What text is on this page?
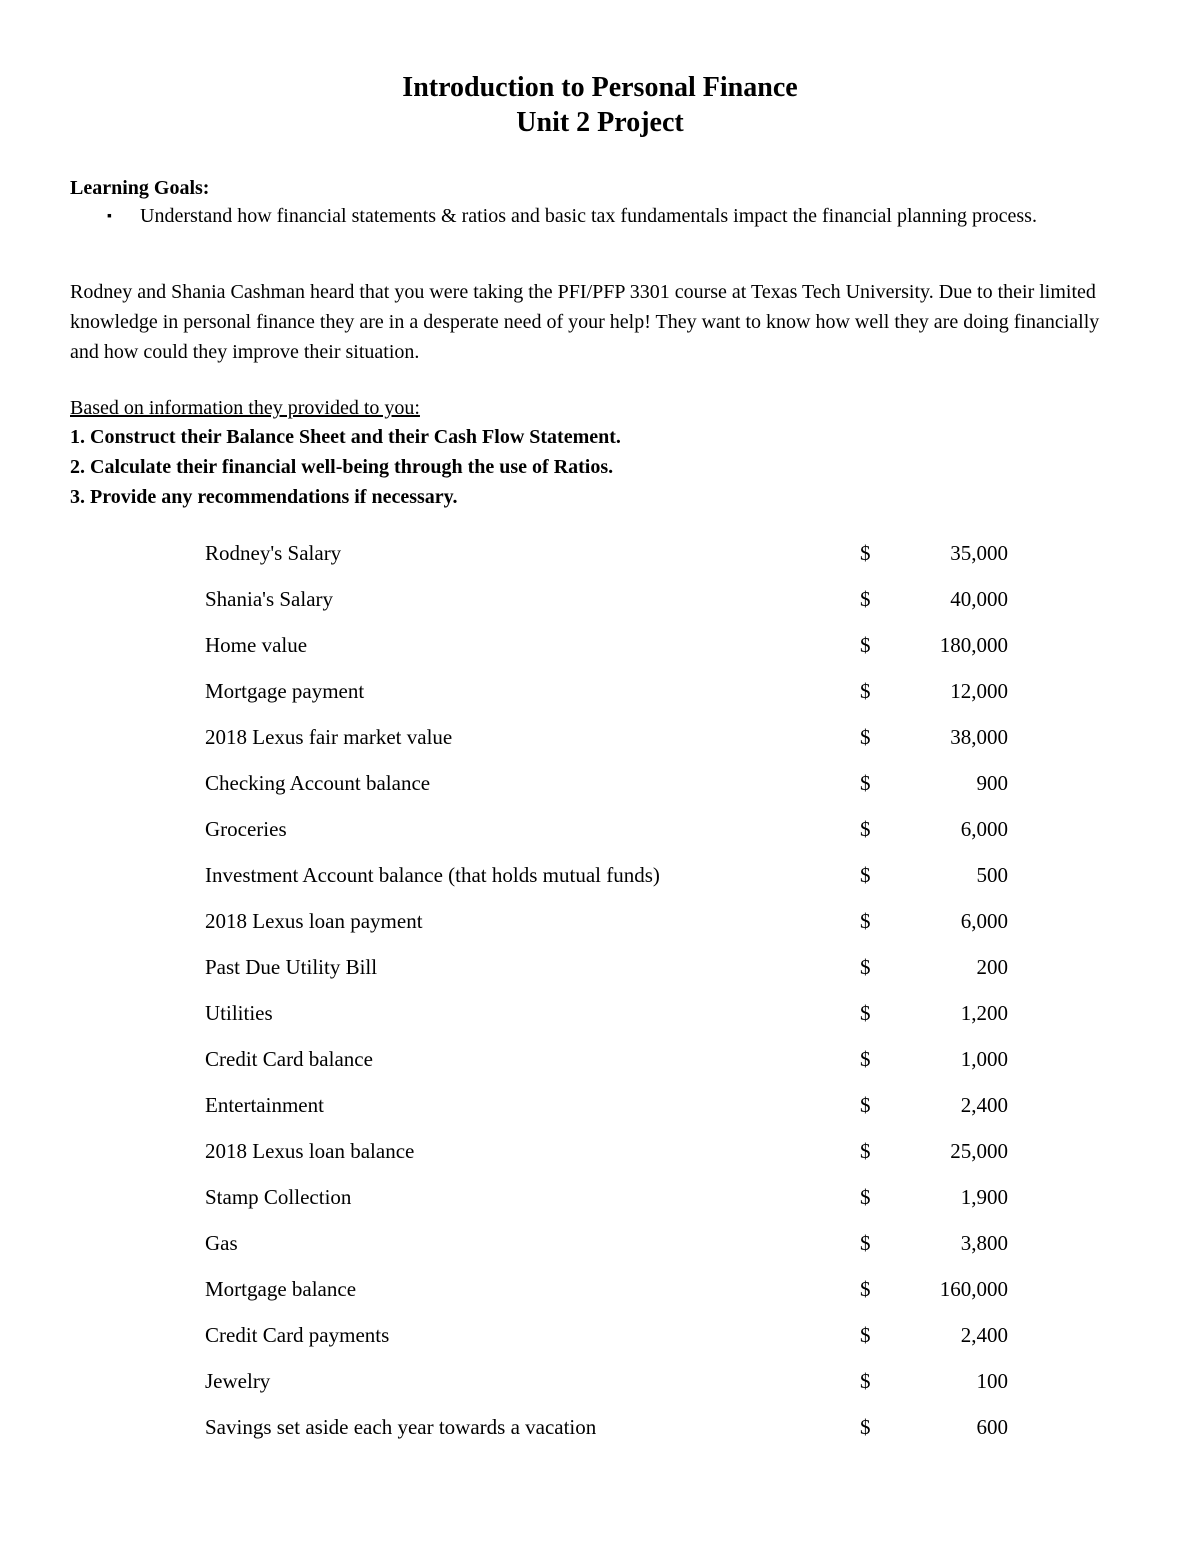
Introduction to Personal Finance
Unit 2 Project
Learning Goals:
▪ Understand how financial statements & ratios and basic tax fundamentals impact the financial planning process.
Rodney and Shania Cashman heard that you were taking the PFI/PFP 3301 course at Texas Tech University. Due to their limited knowledge in personal finance they are in a desperate need of your help! They want to know how well they are doing financially and how could they improve their situation.
Based on information they provided to you:
1. Construct their Balance Sheet and their Cash Flow Statement.
2. Calculate their financial well-being through the use of Ratios.
3. Provide any recommendations if necessary.
Rodney's Salary	$	35,000
Shania's Salary	$	40,000
Home value	$	180,000
Mortgage payment	$	12,000
2018 Lexus fair market value	$	38,000
Checking Account balance	$	900
Groceries	$	6,000
Investment Account balance (that holds mutual funds)	$	500
2018 Lexus loan payment	$	6,000
Past Due Utility Bill	$	200
Utilities	$	1,200
Credit Card balance	$	1,000
Entertainment	$	2,400
2018 Lexus loan balance	$	25,000
Stamp Collection	$	1,900
Gas	$	3,800
Mortgage balance	$	160,000
Credit Card payments	$	2,400
Jewelry	$	100
Savings set aside each year towards a vacation	$	600
